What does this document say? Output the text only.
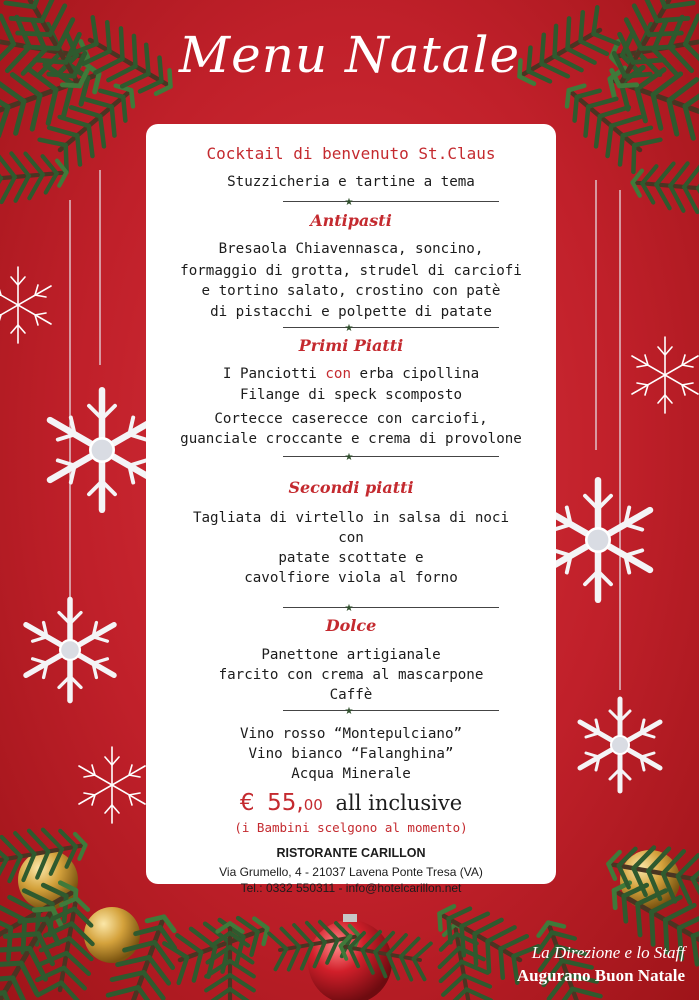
Menu Natale
Cocktail di benvenuto St.Claus
Stuzzicheria e tartine a tema
★
Antipasti
Bresaola Chiavennasca, soncino,
formaggio di grotta, strudel di carciofi
e tortino salato, crostino con patè
di pistacchi e polpette di patate
★
Primi Piatti
I Panciotti con erba cipollina
Filange di speck scomposto
Cortecce caserecce con carciofi,
guanciale croccante e crema di provolone
★
Secondi piatti
Tagliata di virtello in salsa di noci
con
patate scottate e
cavolfiore viola al forno
★
Dolce
Panettone artigianale
farcito con crema al mascarpone
Caffè
★
Vino rosso “Montepulciano”
Vino bianco “Falanghina”
Acqua Minerale
€ 55,00 all inclusive
(i Bambini scelgono al momento)
RISTORANTE CARILLON
Via Grumello, 4 - 21037 Lavena Ponte Tresa (VA)
Tel.: 0332 550311 - info@hotelcarillon.net
La Direzione e lo Staff
Augurano Buon Natale
